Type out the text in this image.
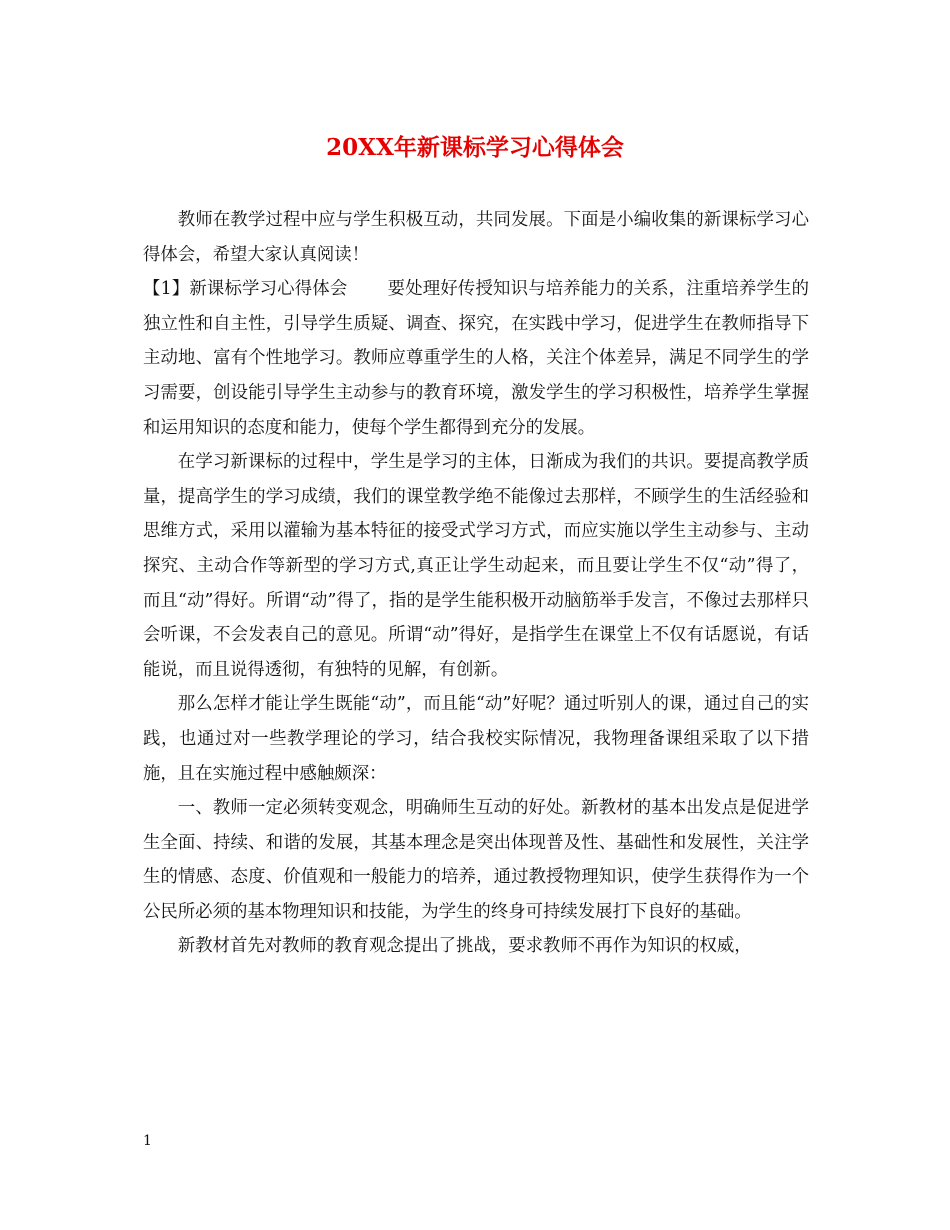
20XX年新课标学习心得体会

教师在教学过程中应与学生积极互动，共同发展。下面是小编收集的新课标学习心得体会，希望大家认真阅读！

【1】新课标学习心得体会 要处理好传授知识与培养能力的关系，注重培养学生的独立性和自主性，引导学生质疑、调查、探究，在实践中学习，促进学生在教师指导下主动地、富有个性地学习。教师应尊重学生的人格，关注个体差异，满足不同学生的学习需要，创设能引导学生主动参与的教育环境，激发学生的学习积极性，培养学生掌握和运用知识的态度和能力，使每个学生都得到充分的发展。

在学习新课标的过程中，学生是学习的主体，日渐成为我们的共识。要提高教学质量，提高学生的学习成绩，我们的课堂教学绝不能像过去那样，不顾学生的生活经验和思维方式，采用以灌输为基本特征的接受式学习方式，而应实施以学生主动参与、主动探究、主动合作等新型的学习方式,真正让学生动起来，而且要让学生不仅“动”得了，而且“动”得好。所谓“动”得了，指的是学生能积极开动脑筋举手发言，不像过去那样只会听课，不会发表自己的意见。所谓“动”得好，是指学生在课堂上不仅有话愿说，有话能说，而且说得透彻，有独特的见解，有创新。

那么怎样才能让学生既能“动”，而且能“动”好呢？通过听别人的课，通过自己的实践，也通过对一些教学理论的学习，结合我校实际情况，我物理备课组采取了以下措施，且在实施过程中感触颇深：

一、教师一定必须转变观念，明确师生互动的好处。新教材的基本出发点是促进学生全面、持续、和谐的发展，其基本理念是突出体现普及性、基础性和发展性，关注学生的情感、态度、价值观和一般能力的培养，通过教授物理知识，使学生获得作为一个公民所必须的基本物理知识和技能，为学生的终身可持续发展打下良好的基础。

新教材首先对教师的教育观念提出了挑战，要求教师不再作为知识的权威，

1
